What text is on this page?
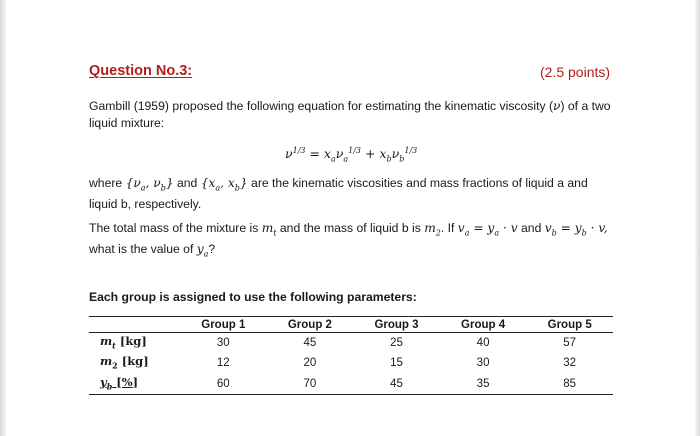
Question No.3:	(2.5 points)
Gambill (1959) proposed the following equation for estimating the kinematic viscosity (ν) of a two liquid mixture:
$\nu^{1/3} = x_a\nu_a^{1/3} + x_b\nu_b^{1/3}$
where {$\nu_a$, $\nu_b$} and {$x_a$, $x_b$} are the kinematic viscosities and mass fractions of liquid a and liquid b, respectively.
The total mass of the mixture is $m_t$ and the mass of liquid b is $m_2$. If $v_a = y_a \cdot v$ and $v_b = y_b \cdot v$, what is the value of $y_a$?
Each group is assigned to use the following parameters:
	Group 1	Group 2	Group 3	Group 4	Group 5
$m_t$ [kg]	30	45	25	40	57
$m_2$ [kg]	12	20	15	30	32
$y_b$ [%]	60	70	45	35	85
